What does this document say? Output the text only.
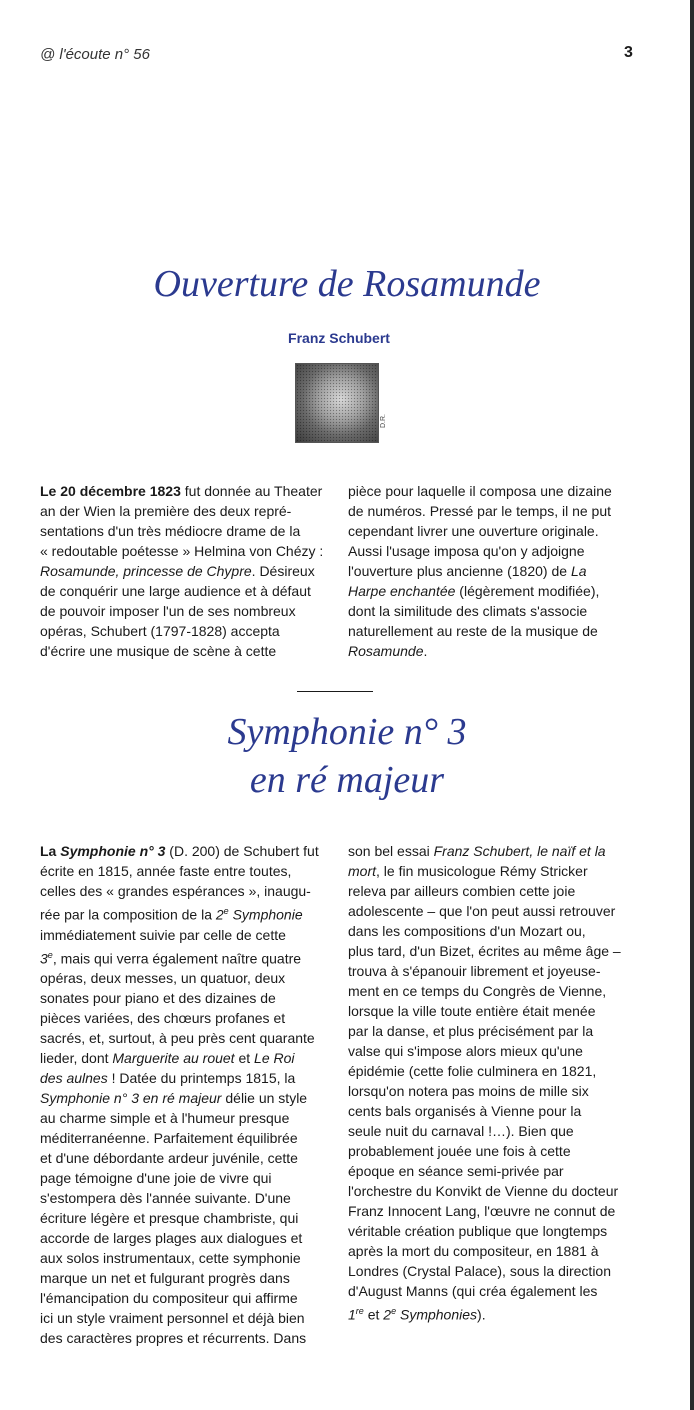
@ l'écoute n° 56	3
Ouverture de Rosamunde
Franz Schubert
D.R.
Le 20 décembre 1823 fut donnée au Theater
an der Wien la première des deux repré-
sentations d'un très médiocre drame de la
« redoutable poétesse » Helmina von Chézy :
Rosamunde, princesse de Chypre. Désireux
de conquérir une large audience et à défaut
de pouvoir imposer l'un de ses nombreux
opéras, Schubert (1797-1828) accepta
d'écrire une musique de scène à cette
pièce pour laquelle il composa une dizaine
de numéros. Pressé par le temps, il ne put
cependant livrer une ouverture originale.
Aussi l'usage imposa qu'on y adjoigne
l'ouverture plus ancienne (1820) de La
Harpe enchantée (légèrement modifiée),
dont la similitude des climats s'associe
naturellement au reste de la musique de
Rosamunde.
Symphonie n° 3
en ré majeur
La Symphonie n° 3 (D. 200) de Schubert fut
écrite en 1815, année faste entre toutes,
celles des « grandes espérances », inaugu-
rée par la composition de la 2e Symphonie
immédiatement suivie par celle de cette
3e, mais qui verra également naître quatre
opéras, deux messes, un quatuor, deux
sonates pour piano et des dizaines de
pièces variées, des chœurs profanes et
sacrés, et, surtout, à peu près cent quarante
lieder, dont Marguerite au rouet et Le Roi
des aulnes ! Datée du printemps 1815, la
Symphonie n° 3 en ré majeur délie un style
au charme simple et à l'humeur presque
méditerranéenne. Parfaitement équilibrée
et d'une débordante ardeur juvénile, cette
page témoigne d'une joie de vivre qui
s'estompera dès l'année suivante. D'une
écriture légère et presque chambriste, qui
accorde de larges plages aux dialogues et
aux solos instrumentaux, cette symphonie
marque un net et fulgurant progrès dans
l'émancipation du compositeur qui affirme
ici un style vraiment personnel et déjà bien
des caractères propres et récurrents. Dans
son bel essai Franz Schubert, le naïf et la
mort, le fin musicologue Rémy Stricker
releva par ailleurs combien cette joie
adolescente – que l'on peut aussi retrouver
dans les compositions d'un Mozart ou,
plus tard, d'un Bizet, écrites au même âge –
trouva à s'épanouir librement et joyeuse-
ment en ce temps du Congrès de Vienne,
lorsque la ville toute entière était menée
par la danse, et plus précisément par la
valse qui s'impose alors mieux qu'une
épidémie (cette folie culminera en 1821,
lorsqu'on notera pas moins de mille six
cents bals organisés à Vienne pour la
seule nuit du carnaval !…). Bien que
probablement jouée une fois à cette
époque en séance semi-privée par
l'orchestre du Konvikt de Vienne du docteur
Franz Innocent Lang, l'œuvre ne connut de
véritable création publique que longtemps
après la mort du compositeur, en 1881 à
Londres (Crystal Palace), sous la direction
d'August Manns (qui créa également les
1re et 2e Symphonies).
